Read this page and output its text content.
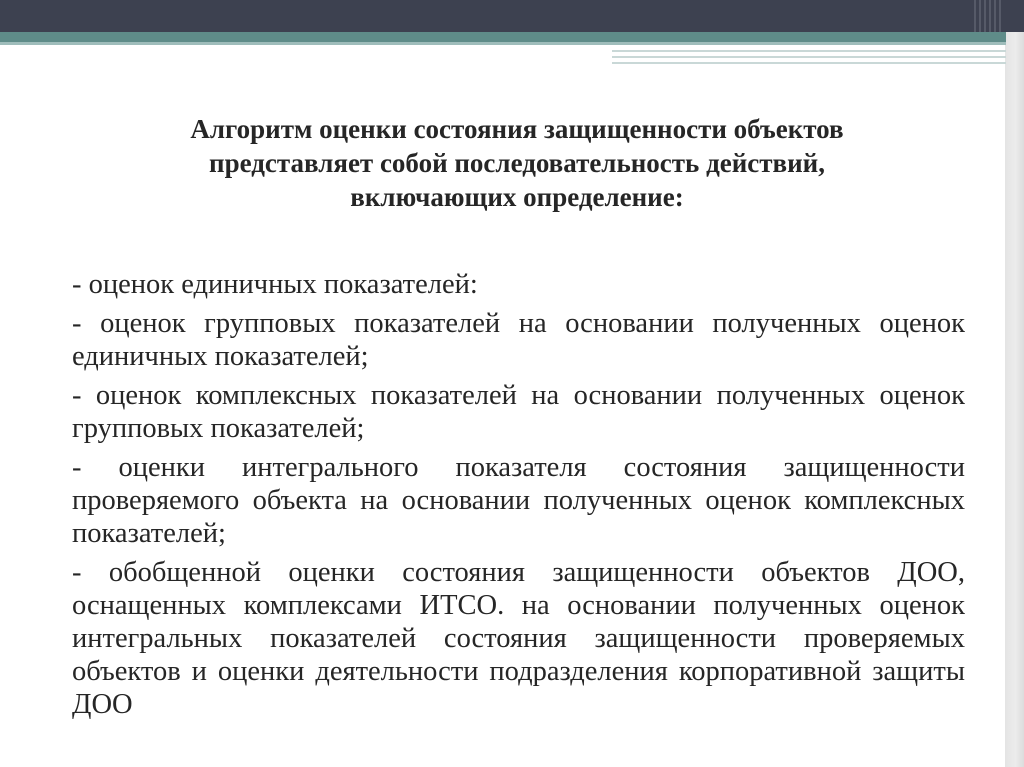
Алгоритм оценки состояния защищенности объектов
представляет собой последовательность действий,
включающих определение:

- оценок единичных показателей:

- оценок групповых показателей на основании полученных оценок единичных показателей;

- оценок комплексных показателей на основании полученных оценок групповых показателей;

- оценки интегрального показателя состояния защищенности проверяемого объекта на основании полученных оценок комплексных показателей;

- обобщенной оценки состояния защищенности объектов ДОО, оснащенных комплексами ИТСО. на основании полученных оценок интегральных показателей состояния защищенности проверяемых объектов и оценки деятельности подразделения корпоративной защиты ДОО
